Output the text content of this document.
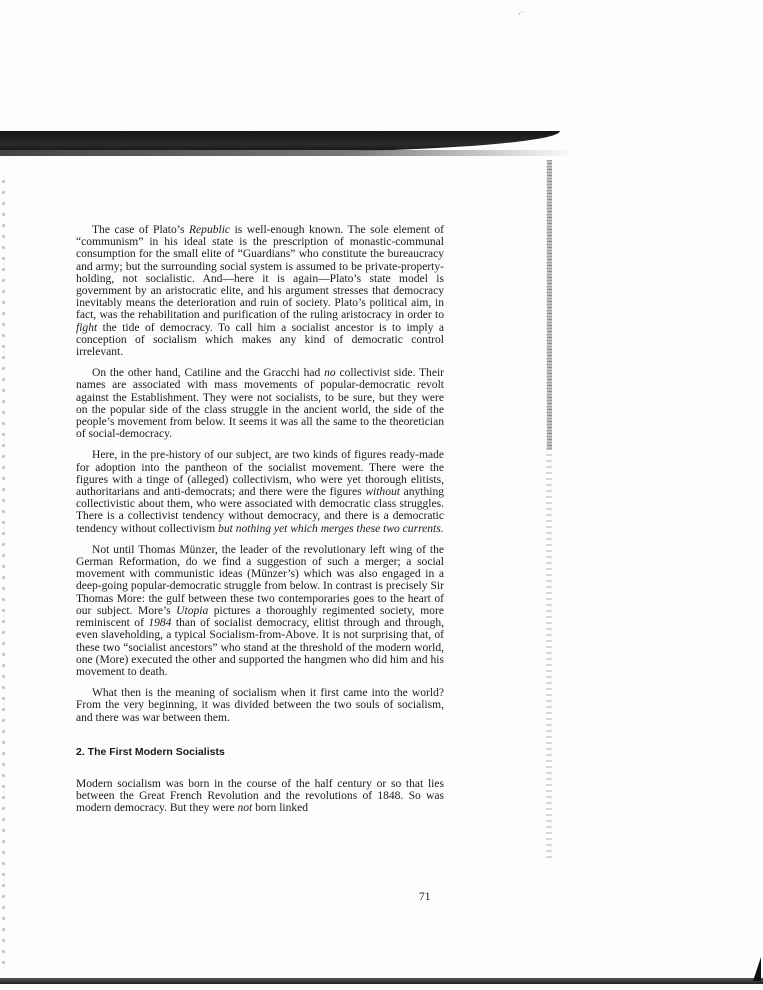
·˙

The case of Plato’s Republic is well-enough known. The sole element of “communism” in his ideal state is the prescription of monastic-communal consumption for the small elite of “Guardians” who constitute the bureaucracy and army; but the surrounding social system is assumed to be private-property-holding, not socialistic. And—here it is again—Plato’s state model is government by an aristocratic elite, and his argument stresses that democracy inevitably means the deterioration and ruin of society. Plato’s political aim, in fact, was the rehabilitation and purification of the ruling aristocracy in order to fight the tide of democracy. To call him a socialist ancestor is to imply a conception of socialism which makes any kind of democratic control irrelevant.

On the other hand, Catiline and the Gracchi had no collectivist side. Their names are associated with mass movements of popular-democratic revolt against the Establishment. They were not socialists, to be sure, but they were on the popular side of the class struggle in the ancient world, the side of the people’s movement from below. It seems it was all the same to the theoretician of social-democracy.

Here, in the pre-history of our subject, are two kinds of figures ready-made for adoption into the pantheon of the socialist movement. There were the figures with a tinge of (alleged) collectivism, who were yet thorough elitists, authoritarians and anti-democrats; and there were the figures without anything collectivistic about them, who were associated with democratic class struggles. There is a collectivist tendency without democracy, and there is a democratic tendency without collectivism but nothing yet which merges these two currents.

Not until Thomas Münzer, the leader of the revolutionary left wing of the German Reformation, do we find a suggestion of such a merger; a social movement with communistic ideas (Münzer’s) which was also engaged in a deep-going popular-democratic struggle from below. In contrast is precisely Sir Thomas More: the gulf between these two contemporaries goes to the heart of our subject. More’s Utopia pictures a thoroughly regimented society, more reminiscent of 1984 than of socialist democracy, elitist through and through, even slaveholding, a typical Socialism-from-Above. It is not surprising that, of these two “socialist ancestors” who stand at the threshold of the modern world, one (More) executed the other and supported the hangmen who did him and his movement to death.

What then is the meaning of socialism when it first came into the world? From the very beginning, it was divided between the two souls of socialism, and there was war between them.

2. The First Modern Socialists

Modern socialism was born in the course of the half century or so that lies between the Great French Revolution and the revolutions of 1848. So was modern democracy. But they were not born linked

71
